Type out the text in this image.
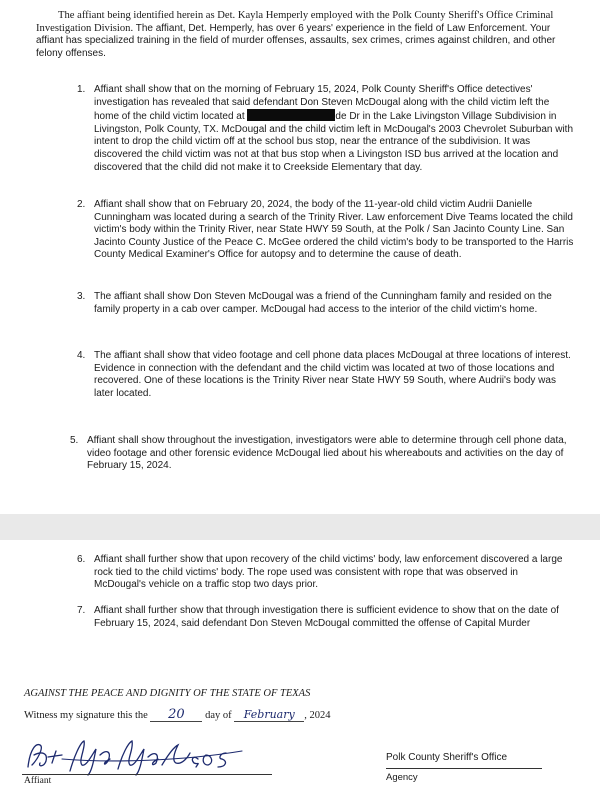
The affiant being identified herein as Det. Kayla Hemperly employed with the Polk County Sheriff's Office Criminal Investigation Division. The affiant, Det. Hemperly, has over 6 years' experience in the field of Law Enforcement. Your affiant has specialized training in the field of murder offenses, assaults, sex crimes, crimes against children, and other felony offenses.

1. Affiant shall show that on the morning of February 15, 2024, Polk County Sheriff's Office detectives' investigation has revealed that said defendant Don Steven McDougal along with the child victim left the home of the child victim located at	de Dr in the Lake Livingston Village Subdivision in Livingston, Polk County, TX. McDougal and the child victim left in McDougal's 2003 Chevrolet Suburban with intent to drop the child victim off at the school bus stop, near the entrance of the subdivision. It was discovered the child victim was not at that bus stop when a Livingston ISD bus arrived at the location and discovered that the child did not make it to Creekside Elementary that day.

2. Affiant shall show that on February 20, 2024, the body of the 11-year-old child victim Audrii Danielle Cunningham was located during a search of the Trinity River. Law enforcement Dive Teams located the child victim's body within the Trinity River, near State HWY 59 South, at the Polk / San Jacinto County Line. San Jacinto County Justice of the Peace C. McGee ordered the child victim's body to be transported to the Harris County Medical Examiner's Office for autopsy and to determine the cause of death.

3. The affiant shall show Don Steven McDougal was a friend of the Cunningham family and resided on the family property in a cab over camper. McDougal had access to the interior of the child victim's home.

4. The affiant shall show that video footage and cell phone data places McDougal at three locations of interest. Evidence in connection with the defendant and the child victim was located at two of those locations and recovered. One of these locations is the Trinity River near State HWY 59 South, where Audrii's body was later located.

5. Affiant shall show throughout the investigation, investigators were able to determine through cell phone data, video footage and other forensic evidence McDougal lied about his whereabouts and activities on the day of February 15, 2024.

6. Affiant shall further show that upon recovery of the child victims' body, law enforcement discovered a large rock tied to the child victims' body. The rope used was consistent with rope that was observed in McDougal's vehicle on a traffic stop two days prior.

7. Affiant shall further show that through investigation there is sufficient evidence to show that on the date of February 15, 2024, said defendant Don Steven McDougal committed the offense of Capital Murder

AGAINST THE PEACE AND DIGNITY OF THE STATE OF TEXAS

Witness my signature this the 20 day of February , 2024
Affiant
Polk County Sheriff's Office
Agency
